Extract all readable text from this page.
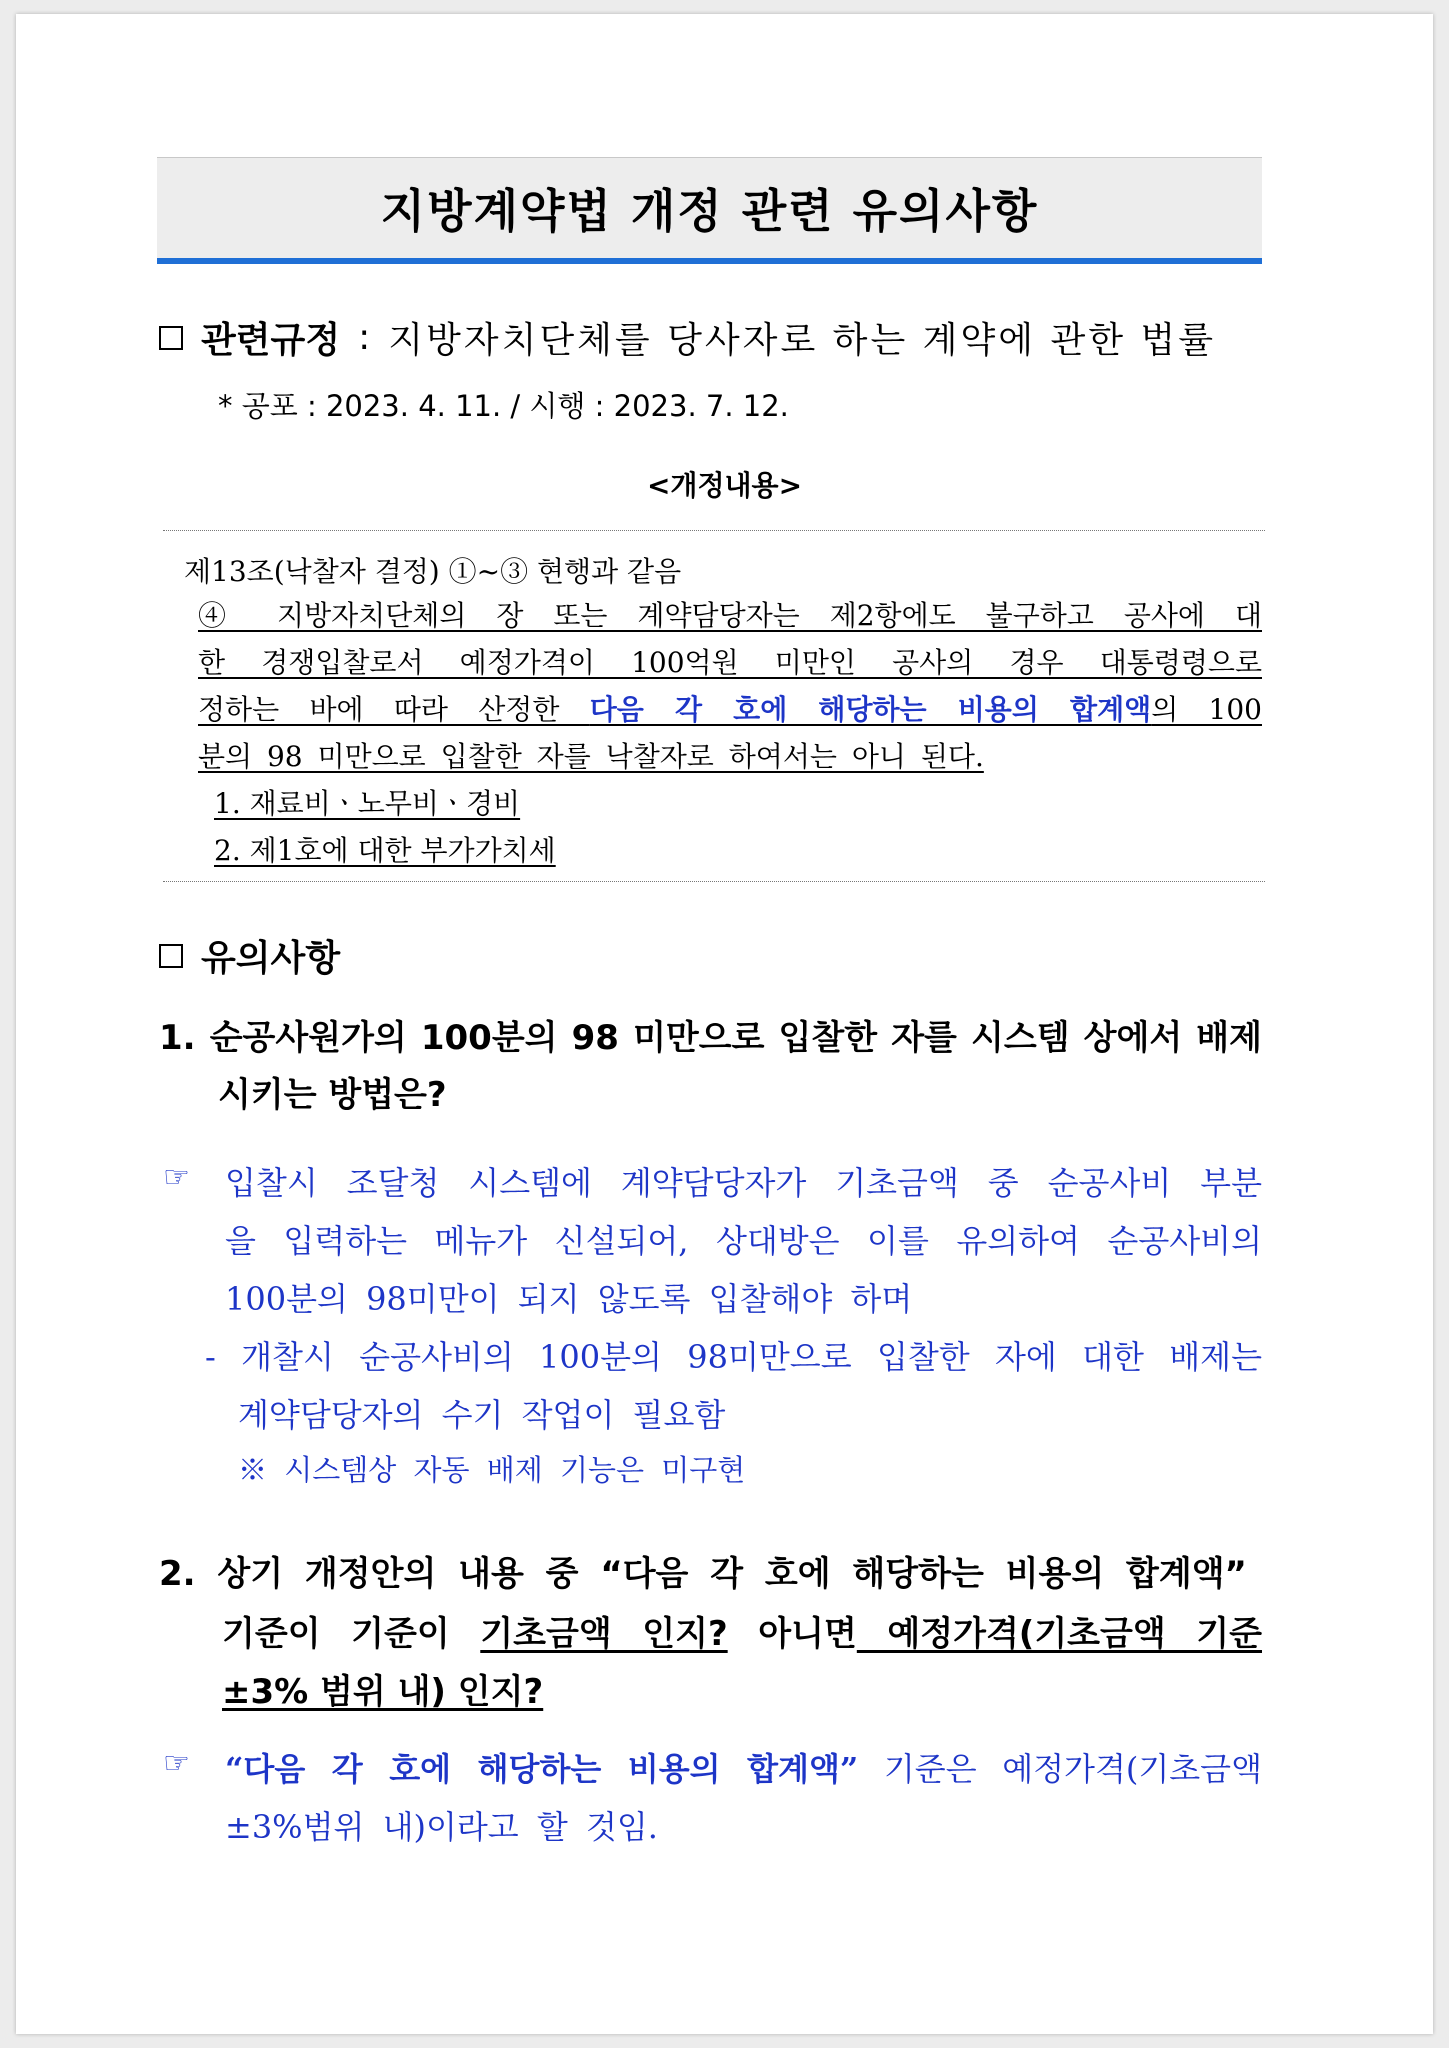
지방계약법 개정 관련 유의사항
관련규정 : 지방자치단체를 당사자로 하는 계약에 관한 법률
* 공포 : 2023. 4. 11. / 시행 : 2023. 7. 12.
<개정내용>
제13조(낙찰자 결정) ①~③ 현행과 같음
④ 지방자치단체의 장 또는 계약담당자는 제2항에도 불구하고 공사에 대
한 경쟁입찰로서 예정가격이 100억원 미만인 공사의 경우 대통령령으로
정하는 바에 따라 산정한 다음 각 호에 해당하는 비용의 합계액의 100
분의 98 미만으로 입찰한 자를 낙찰자로 하여서는 아니 된다.
1. 재료비ㆍ노무비ㆍ경비
2. 제1호에 대한 부가가치세
유의사항
1. 순공사원가의 100분의 98 미만으로 입찰한 자를 시스템 상에서 배제
시키는 방법은?
☞ 입찰시 조달청 시스템에 계약담당자가 기초금액 중 순공사비 부분
을 입력하는 메뉴가 신설되어, 상대방은 이를 유의하여 순공사비의
100분의 98미만이 되지 않도록 입찰해야 하며
- 개찰시 순공사비의 100분의 98미만으로 입찰한 자에 대한 배제는
계약담당자의 수기 작업이 필요함
※ 시스템상 자동 배제 기능은 미구현
2. 상기 개정안의 내용 중 “다음 각 호에 해당하는 비용의 합계액”
기준이 기준이 기초금액 인지? 아니면 예정가격(기초금액 기준
±3% 범위 내) 인지?
☞ “다음 각 호에 해당하는 비용의 합계액” 기준은 예정가격(기초금액
±3%범위 내)이라고 할 것임.
